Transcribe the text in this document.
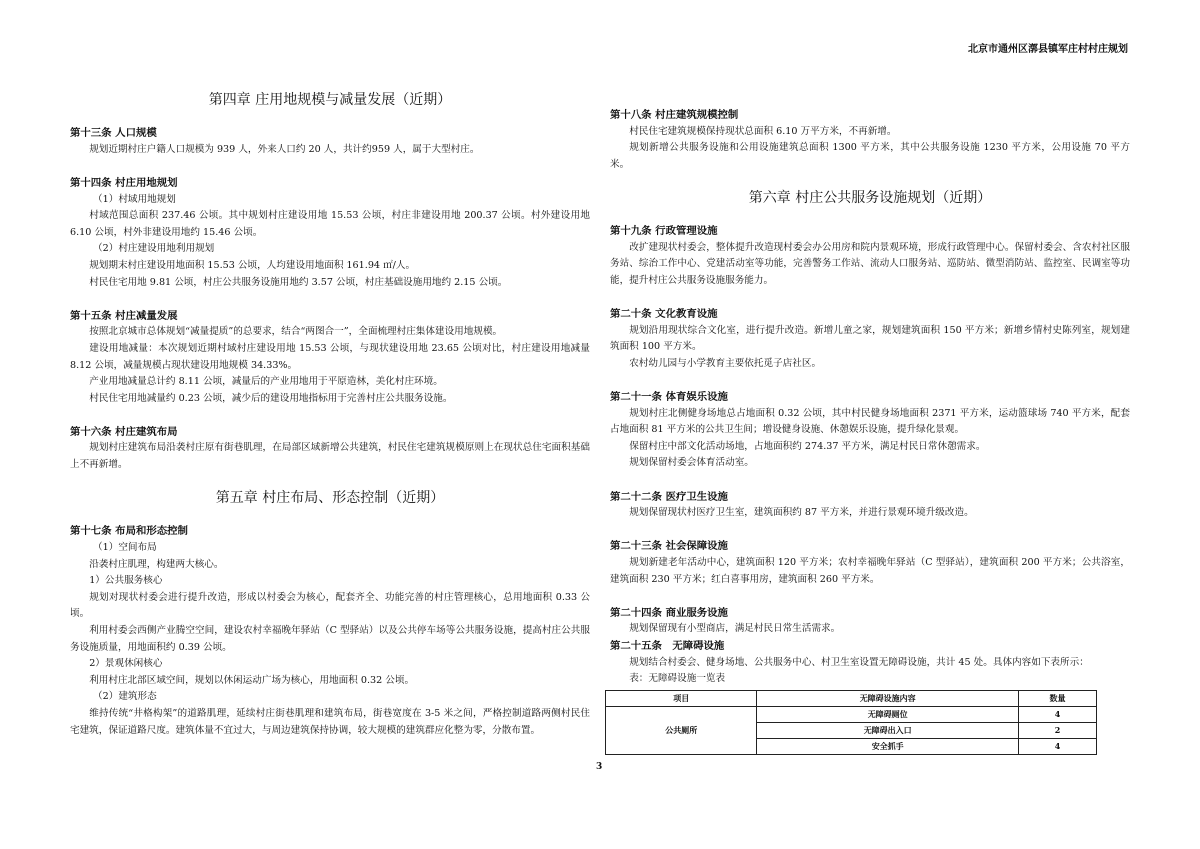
北京市通州区漷县镇军庄村村庄规划
第四章 庄用地规模与减量发展（近期）
第十三条 人口规模
规划近期村庄户籍人口规模为 939 人，外来人口约 20 人，共计约959 人，属于大型村庄。
第十四条 村庄用地规划
（1）村域用地规划
村域范围总面积 237.46 公顷。其中规划村庄建设用地 15.53 公顷，村庄非建设用地 200.37 公顷。村外建设用地 6.10 公顷，村外非建设用地约 15.46 公顷。
（2）村庄建设用地利用规划
规划期末村庄建设用地面积 15.53 公顷，人均建设用地面积 161.94 ㎡/人。
村民住宅用地 9.81 公顷，村庄公共服务设施用地约 3.57 公顷，村庄基础设施用地约 2.15 公顷。
第十五条 村庄减量发展
按照北京城市总体规划“减量提质”的总要求，结合“两图合一”，全面梳理村庄集体建设用地规模。
建设用地减量：本次规划近期村域村庄建设用地 15.53 公顷，与现状建设用地 23.65 公顷对比，村庄建设用地减量 8.12 公顷，减量规模占现状建设用地规模 34.33%。
产业用地减量总计约 8.11 公顷，减量后的产业用地用于平原造林，美化村庄环境。
村民住宅用地减量约 0.23 公顷，减少后的建设用地指标用于完善村庄公共服务设施。
第十六条 村庄建筑布局
规划村庄建筑布局沿袭村庄原有街巷肌理，在局部区域新增公共建筑，村民住宅建筑规模原则上在现状总住宅面积基础上不再新增。
第五章 村庄布局、形态控制（近期）
第十七条 布局和形态控制
（1）空间布局
沿袭村庄肌理，构建两大核心。
1）公共服务核心
规划对现状村委会进行提升改造，形成以村委会为核心，配套齐全、功能完善的村庄管理核心，总用地面积 0.33 公顷。
利用村委会西侧产业腾空空间，建设农村幸福晚年驿站（C 型驿站）以及公共停车场等公共服务设施，提高村庄公共服务设施质量，用地面积约 0.39 公顷。
2）景观休闲核心
利用村庄北部区域空间，规划以休闲运动广场为核心，用地面积 0.32 公顷。
（2）建筑形态
维持传统“井格构架”的道路肌理，延续村庄街巷肌理和建筑布局，街巷宽度在 3-5 米之间，严格控制道路两侧村民住宅建筑，保证道路尺度。建筑体量不宜过大，与周边建筑保持协调，较大规模的建筑群应化整为零，分散布置。
第十八条 村庄建筑规模控制
村民住宅建筑规模保持现状总面积 6.10 万平方米，不再新增。
规划新增公共服务设施和公用设施建筑总面积 1300 平方米，其中公共服务设施 1230 平方米，公用设施 70 平方米。
第六章 村庄公共服务设施规划（近期）
第十九条 行政管理设施
改扩建现状村委会，整体提升改造现村委会办公用房和院内景观环境，形成行政管理中心。保留村委会、含农村社区服务站、综治工作中心、党建活动室等功能，完善警务工作站、流动人口服务站、巡防站、微型消防站、监控室、民调室等功能，提升村庄公共服务设施服务能力。
第二十条 文化教育设施
规划沿用现状综合文化室，进行提升改造。新增儿童之家，规划建筑面积 150 平方米；新增乡情村史陈列室，规划建筑面积 100 平方米。
农村幼儿园与小学教育主要依托觅子店社区。
第二十一条 体育娱乐设施
规划村庄北侧健身场地总占地面积 0.32 公顷，其中村民健身场地面积 2371 平方米，运动篮球场 740 平方米，配套占地面积 81 平方米的公共卫生间；增设健身设施、休憩娱乐设施，提升绿化景观。
保留村庄中部文化活动场地，占地面积约 274.37 平方米，满足村民日常休憩需求。
规划保留村委会体育活动室。
第二十二条 医疗卫生设施
规划保留现状村医疗卫生室，建筑面积约 87 平方米，并进行景观环境升级改造。
第二十三条 社会保障设施
规划新建老年活动中心，建筑面积 120 平方米；农村幸福晚年驿站（C 型驿站），建筑面积 200 平方米；公共浴室，建筑面积 230 平方米；红白喜事用房，建筑面积 260 平方米。
第二十四条 商业服务设施
规划保留现有小型商店，满足村民日常生活需求。
第二十五条　无障碍设施
规划结合村委会、健身场地、公共服务中心、村卫生室设置无障碍设施，共计 45 处。具体内容如下表所示：
表：无障碍设施一览表
项目	无障碍设施内容	数量
公共厕所	无障碍厕位	4
	无障碍出入口	2
	安全抓手	4
3
